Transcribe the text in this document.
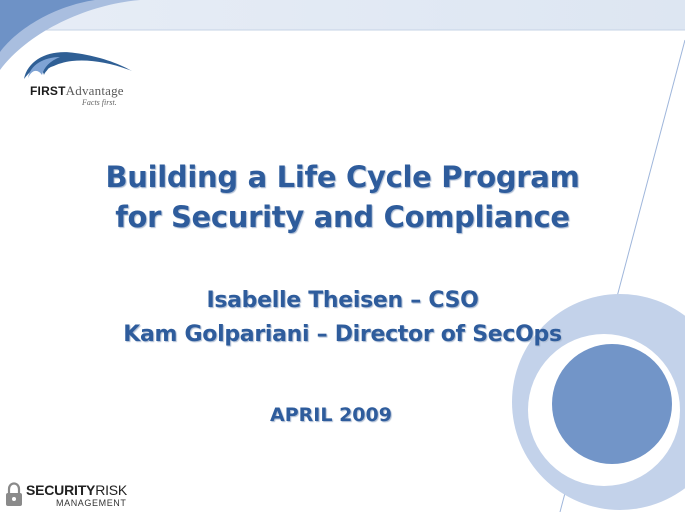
FIRSTAdvantage
Facts first.
Building a Life Cycle Program
for Security and Compliance
Isabelle Theisen – CSO
Kam Golpariani – Director of SecOps
APRIL 2009
SECURITYRISK
MANAGEMENT
